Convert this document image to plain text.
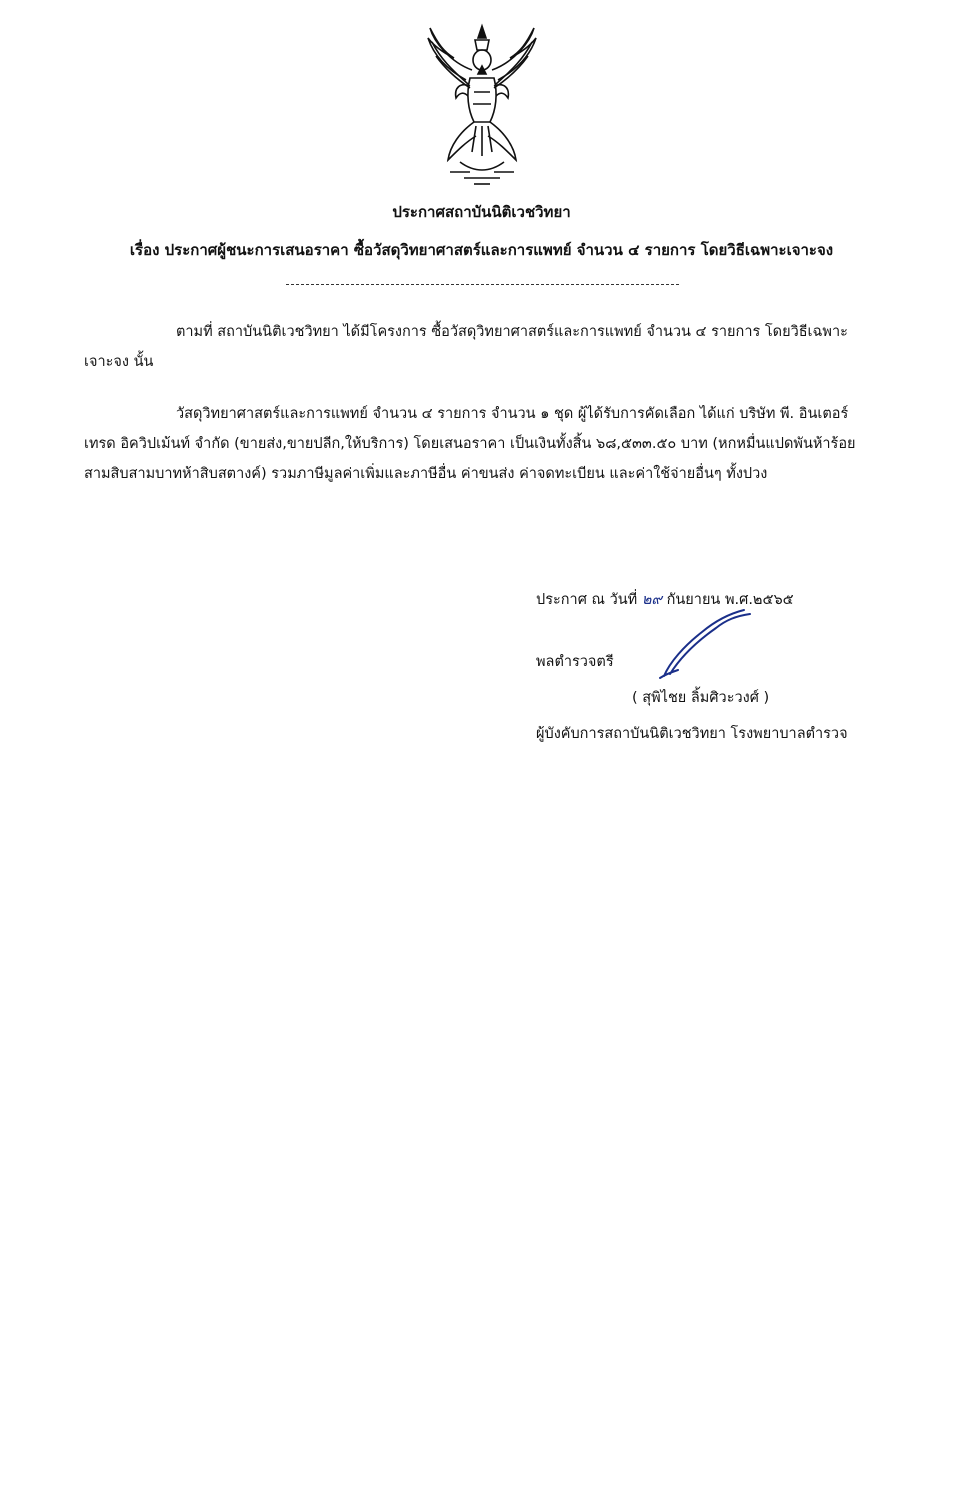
ประกาศสถาบันนิติเวชวิทยา
เรื่อง ประกาศผู้ชนะการเสนอราคา ซื้อวัสดุวิทยาศาสตร์และการแพทย์ จำนวน ๔ รายการ โดยวิธีเฉพาะเจาะจง
ตามที่ สถาบันนิติเวชวิทยา ได้มีโครงการ ซื้อวัสดุวิทยาศาสตร์และการแพทย์ จำนวน ๔ รายการ โดยวิธีเฉพาะเจาะจง นั้น
วัสดุวิทยาศาสตร์และการแพทย์ จำนวน ๔ รายการ จำนวน ๑ ชุด ผู้ได้รับการคัดเลือก ได้แก่ บริษัท พี. อินเตอร์เทรด อิควิปเม้นท์ จำกัด (ขายส่ง,ขายปลีก,ให้บริการ) โดยเสนอราคา เป็นเงินทั้งสิ้น ๖๘,๕๓๓.๕๐ บาท (หกหมื่นแปดพันห้าร้อยสามสิบสามบาทห้าสิบสตางค์) รวมภาษีมูลค่าเพิ่มและภาษีอื่น ค่าขนส่ง ค่าจดทะเบียน และค่าใช้จ่ายอื่นๆ ทั้งปวง
ประกาศ ณ วันที่ ๒๙ กันยายน พ.ศ.๒๕๖๕
พลตำรวจตรี
( สุพิไชย ลิ้มศิวะวงศ์ )
ผู้บังคับการสถาบันนิติเวชวิทยา โรงพยาบาลตำรวจ
